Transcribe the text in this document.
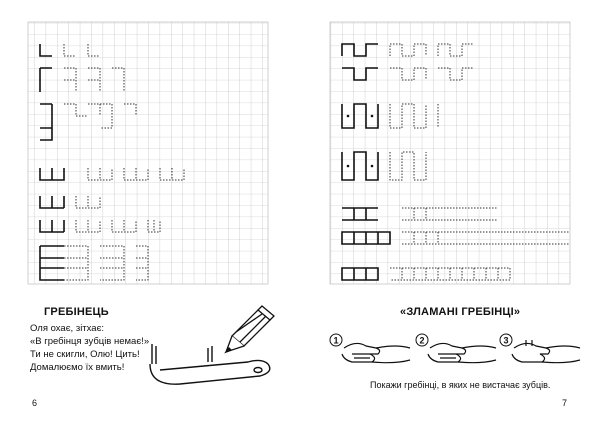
ГРЕБІНЕЦЬ
Оля охає, зітхає:
«В гребінця зубців немає!»
Ти не скигли, Олю! Цить!
Домалюємо їх вмить!
6
«ЗЛАМАНІ ГРЕБІНЦІ»
Покажи гребінці, в яких не вистачає зубців.
7
1	2	3
